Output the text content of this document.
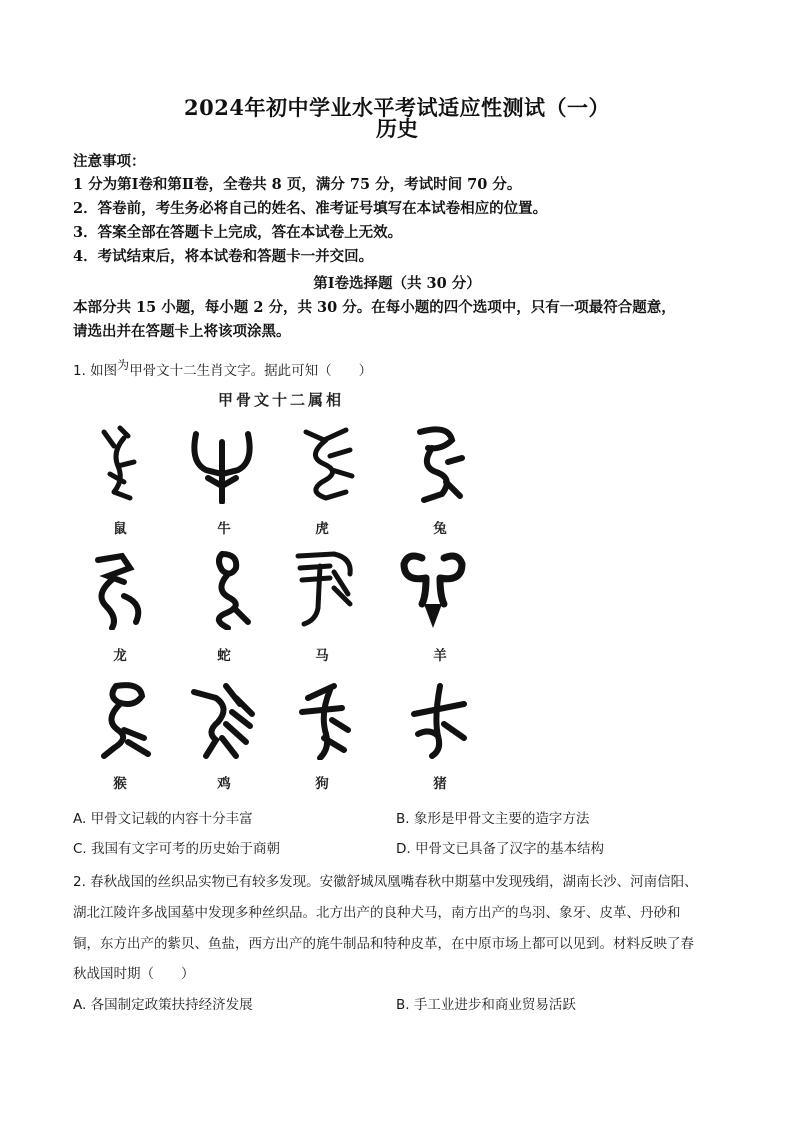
2024年初中学业水平考试适应性测试（一）
历史
注意事项：
1 分为第Ⅰ卷和第Ⅱ卷，全卷共 8 页，满分 75 分，考试时间 70 分。
2．答卷前，考生务必将自己的姓名、准考证号填写在本试卷相应的位置。
3．答案全部在答题卡上完成，答在本试卷上无效。
4．考试结束后，将本试卷和答题卡一并交回。
第Ⅰ卷选择题（共 30 分）
本部分共 15 小题，每小题 2 分，共 30 分。在每小题的四个选项中，只有一项最符合题意，
请选出并在答题卡上将该项涂黑。
1. 如图为甲骨文十二生肖文字。据此可知（　　）
甲骨文十二属相
鼠	牛	虎	兔
龙	蛇	马	羊
猴	鸡	狗	猪
A. 甲骨文记载的内容十分丰富	B. 象形是甲骨文主要的造字方法
C. 我国有文字可考的历史始于商朝	D. 甲骨文已具备了汉字的基本结构
2. 春秋战国的丝织品实物已有较多发现。安徽舒城凤凰嘴春秋中期墓中发现残绢，湖南长沙、河南信阳、
湖北江陵许多战国墓中发现多种丝织品。北方出产的良种犬马，南方出产的鸟羽、象牙、皮革、丹砂和
铜，东方出产的紫贝、鱼盐，西方出产的旄牛制品和特种皮革，在中原市场上都可以见到。材料反映了春
秋战国时期（　　）
A. 各国制定政策扶持经济发展	B. 手工业进步和商业贸易活跃
